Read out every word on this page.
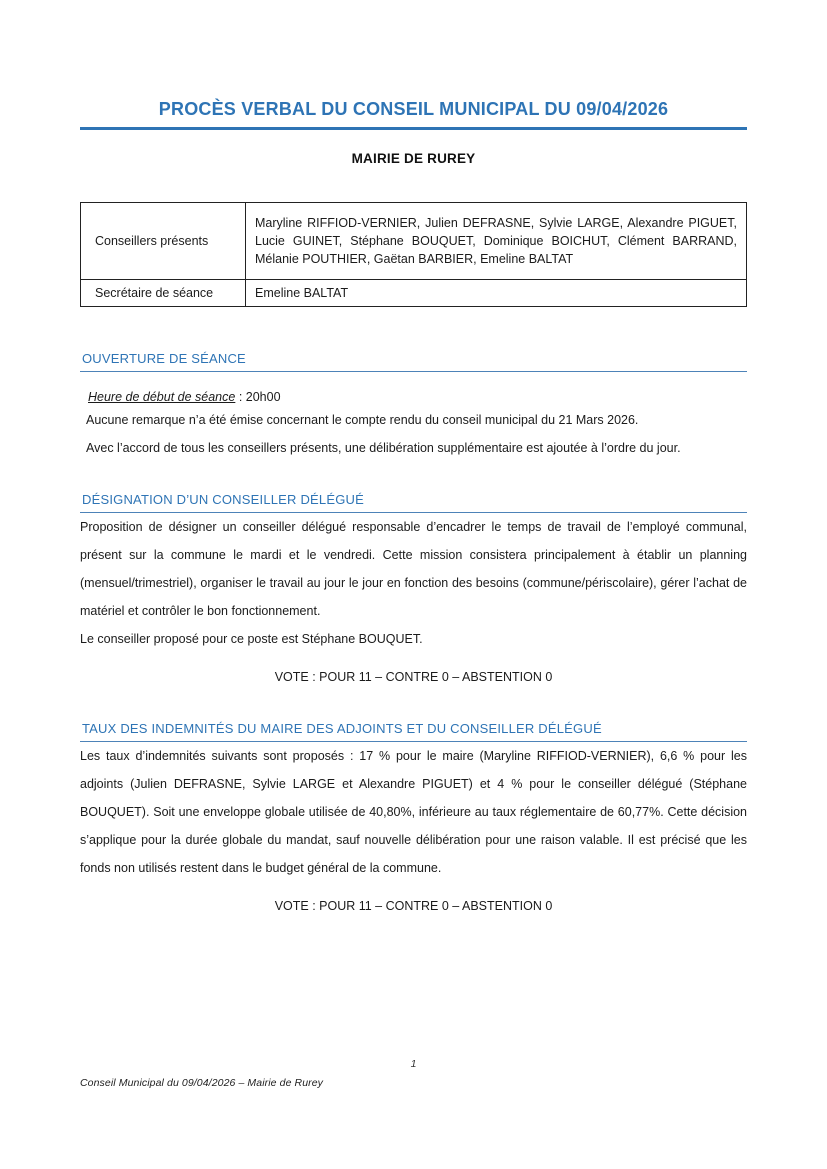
PROCÈS VERBAL DU CONSEIL MUNICIPAL DU 09/04/2026
MAIRIE DE RUREY
Conseillers présents	Maryline RIFFIOD-VERNIER, Julien DEFRASNE, Sylvie LARGE, Alexandre PIGUET, Lucie GUINET, Stéphane BOUQUET, Dominique BOICHUT, Clément BARRAND, Mélanie POUTHIER, Gaëtan BARBIER, Emeline BALTAT
Secrétaire de séance	Emeline BALTAT
OUVERTURE DE SÉANCE
Heure de début de séance : 20h00

Aucune remarque n’a été émise concernant le compte rendu du conseil municipal du 21 Mars 2026.

Avec l’accord de tous les conseillers présents, une délibération supplémentaire est ajoutée à l’ordre du jour.

DÉSIGNATION D’UN CONSEILLER DÉLÉGUÉ

Proposition de désigner un conseiller délégué responsable d’encadrer le temps de travail de l’employé communal, présent sur la commune le mardi et le vendredi. Cette mission consistera principalement à établir un planning (mensuel/trimestriel), organiser le travail au jour le jour en fonction des besoins (commune/périscolaire), gérer l’achat de matériel et contrôler le bon fonctionnement.

Le conseiller proposé pour ce poste est Stéphane BOUQUET.

VOTE : POUR 11 – CONTRE 0 – ABSTENTION 0
TAUX DES INDEMNITÉS DU MAIRE DES ADJOINTS ET DU CONSEILLER DÉLÉGUÉ

Les taux d’indemnités suivants sont proposés : 17 % pour le maire (Maryline RIFFIOD-VERNIER), 6,6 % pour les adjoints (Julien DEFRASNE, Sylvie LARGE et Alexandre PIGUET) et 4 % pour le conseiller délégué (Stéphane BOUQUET). Soit une enveloppe globale utilisée de 40,80%, inférieure au taux réglementaire de 60,77%. Cette décision s’applique pour la durée globale du mandat, sauf nouvelle délibération pour une raison valable. Il est précisé que les fonds non utilisés restent dans le budget général de la commune.

VOTE : POUR 11 – CONTRE 0 – ABSTENTION 0
1
Conseil Municipal du 09/04/2026 – Mairie de Rurey
